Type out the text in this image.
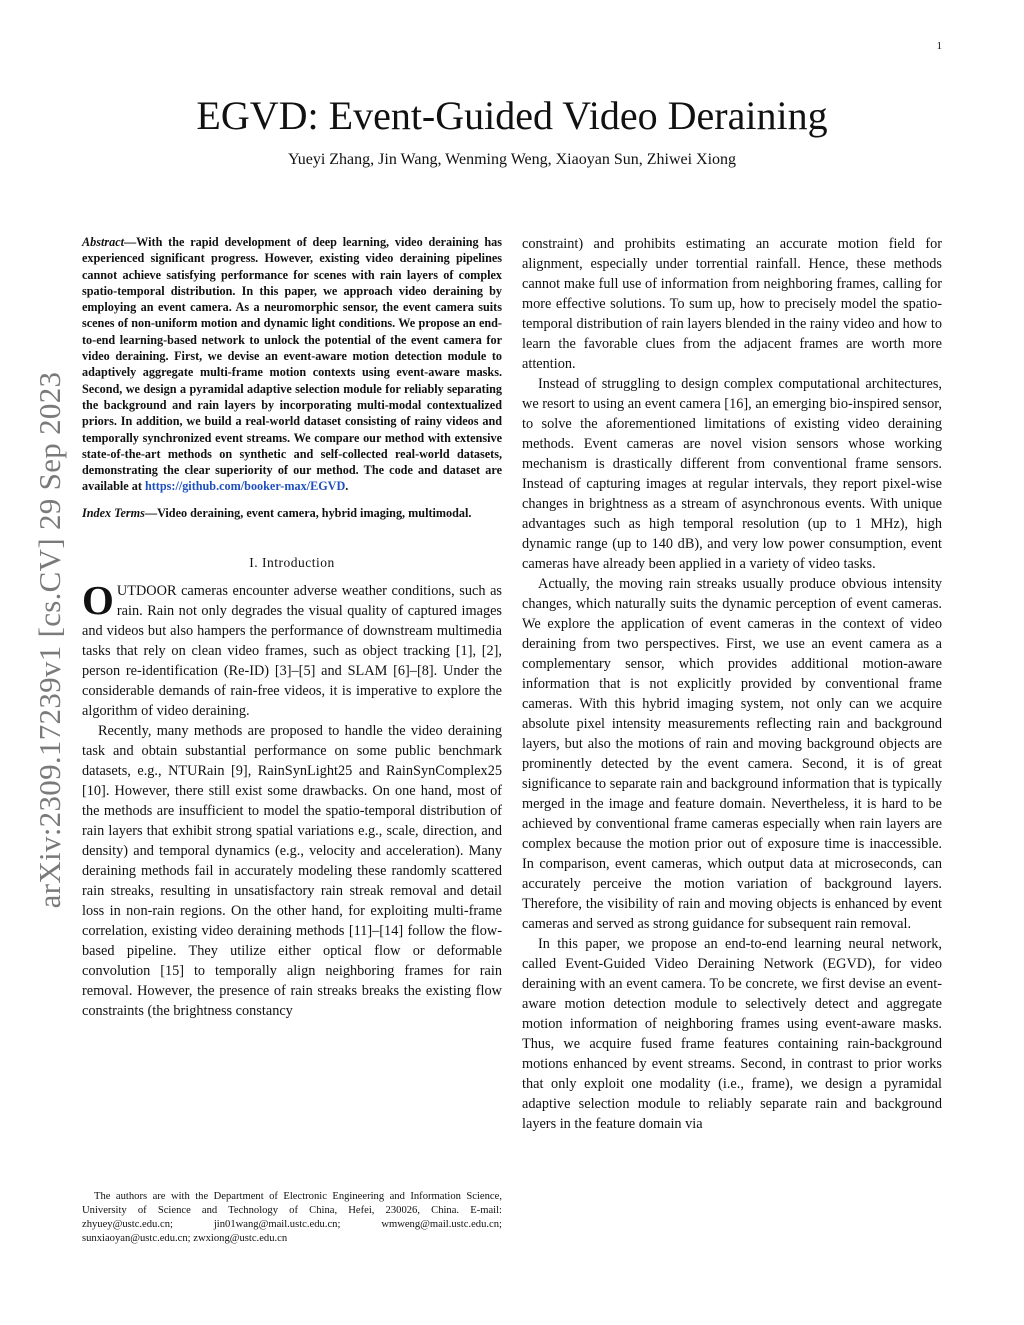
1
arXiv:2309.17239v1 [cs.CV] 29 Sep 2023
EGVD: Event-Guided Video Deraining
Yueyi Zhang, Jin Wang, Wenming Weng, Xiaoyan Sun, Zhiwei Xiong

Abstract—With the rapid development of deep learning, video deraining has experienced significant progress. However, existing video deraining pipelines cannot achieve satisfying performance for scenes with rain layers of complex spatio-temporal distribution. In this paper, we approach video deraining by employing an event camera. As a neuromorphic sensor, the event camera suits scenes of non-uniform motion and dynamic light conditions. We propose an end-to-end learning-based network to unlock the potential of the event camera for video deraining. First, we devise an event-aware motion detection module to adaptively aggregate multi-frame motion contexts using event-aware masks. Second, we design a pyramidal adaptive selection module for reliably separating the background and rain layers by incorporating multi-modal contextualized priors. In addition, we build a real-world dataset consisting of rainy videos and temporally synchronized event streams. We compare our method with extensive state-of-the-art methods on synthetic and self-collected real-world datasets, demonstrating the clear superiority of our method. The code and dataset are available at https://github.com/booker-max/EGVD.

Index Terms—Video deraining, event camera, hybrid imaging, multimodal.

I. Introduction

OUTDOOR cameras encounter adverse weather conditions, such as rain. Rain not only degrades the visual quality of captured images and videos but also hampers the performance of downstream multimedia tasks that rely on clean video frames, such as object tracking [1], [2], person re-identification (Re-ID) [3]–[5] and SLAM [6]–[8]. Under the considerable demands of rain-free videos, it is imperative to explore the algorithm of video deraining.

Recently, many methods are proposed to handle the video deraining task and obtain substantial performance on some public benchmark datasets, e.g., NTURain [9], RainSynLight25 and RainSynComplex25 [10]. However, there still exist some drawbacks. On one hand, most of the methods are insufficient to model the spatio-temporal distribution of rain layers that exhibit strong spatial variations e.g., scale, direction, and density) and temporal dynamics (e.g., velocity and acceleration). Many deraining methods fail in accurately modeling these randomly scattered rain streaks, resulting in unsatisfactory rain streak removal and detail loss in non-rain regions. On the other hand, for exploiting multi-frame correlation, existing video deraining methods [11]–[14] follow the flow-based pipeline. They utilize either optical flow or deformable convolution [15] to temporally align neighboring frames for rain removal. However, the presence of rain streaks breaks the existing flow constraints (the brightness constancy

constraint) and prohibits estimating an accurate motion field for alignment, especially under torrential rainfall. Hence, these methods cannot make full use of information from neighboring frames, calling for more effective solutions. To sum up, how to precisely model the spatio-temporal distribution of rain layers blended in the rainy video and how to learn the favorable clues from the adjacent frames are worth more attention.

Instead of struggling to design complex computational architectures, we resort to using an event camera [16], an emerging bio-inspired sensor, to solve the aforementioned limitations of existing video deraining methods. Event cameras are novel vision sensors whose working mechanism is drastically different from conventional frame sensors. Instead of capturing images at regular intervals, they report pixel-wise changes in brightness as a stream of asynchronous events. With unique advantages such as high temporal resolution (up to 1 MHz), high dynamic range (up to 140 dB), and very low power consumption, event cameras have already been applied in a variety of video tasks.

Actually, the moving rain streaks usually produce obvious intensity changes, which naturally suits the dynamic perception of event cameras. We explore the application of event cameras in the context of video deraining from two perspectives. First, we use an event camera as a complementary sensor, which provides additional motion-aware information that is not explicitly provided by conventional frame cameras. With this hybrid imaging system, not only can we acquire absolute pixel intensity measurements reflecting rain and background layers, but also the motions of rain and moving background objects are prominently detected by the event camera. Second, it is of great significance to separate rain and background information that is typically merged in the image and feature domain. Nevertheless, it is hard to be achieved by conventional frame cameras especially when rain layers are complex because the motion prior out of exposure time is inaccessible. In comparison, event cameras, which output data at microseconds, can accurately perceive the motion variation of background layers. Therefore, the visibility of rain and moving objects is enhanced by event cameras and served as strong guidance for subsequent rain removal.

In this paper, we propose an end-to-end learning neural network, called Event-Guided Video Deraining Network (EGVD), for video deraining with an event camera. To be concrete, we first devise an event-aware motion detection module to selectively detect and aggregate motion information of neighboring frames using event-aware masks. Thus, we acquire fused frame features containing rain-background motions enhanced by event streams. Second, in contrast to prior works that only exploit one modality (i.e., frame), we design a pyramidal adaptive selection module to reliably separate rain and background layers in the feature domain via

The authors are with the Department of Electronic Engineering and Information Science, University of Science and Technology of China, Hefei, 230026, China. E-mail: zhyuey@ustc.edu.cn; jin01wang@mail.ustc.edu.cn; wmweng@mail.ustc.edu.cn; sunxiaoyan@ustc.edu.cn; zwxiong@ustc.edu.cn
